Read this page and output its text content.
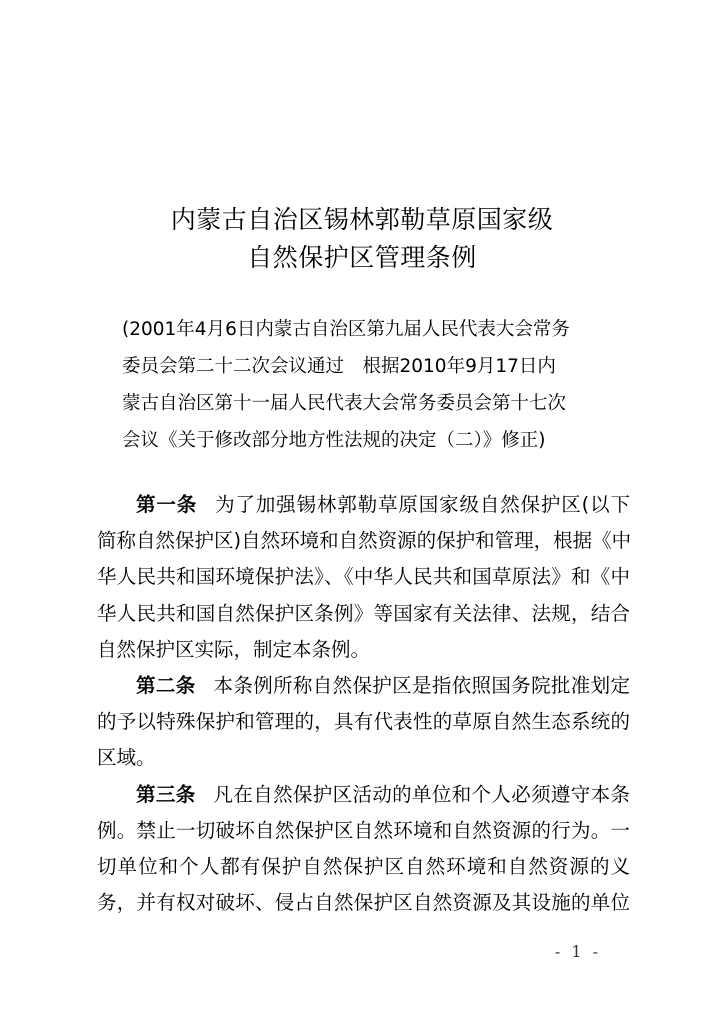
内蒙古自治区锡林郭勒草原国家级
自然保护区管理条例
(2001年4月6日内蒙古自治区第九届人民代表大会常务
委员会第二十二次会议通过　根据2010年9月17日内
蒙古自治区第十一届人民代表大会常务委员会第十七次
会议《关于修改部分地方性法规的决定（二）》修正)
第一条 为了加强锡林郭勒草原国家级自然保护区(以下
简称自然保护区)自然环境和自然资源的保护和管理，根据《中
华人民共和国环境保护法》、《中华人民共和国草原法》和《中
华人民共和国自然保护区条例》等国家有关法律、法规，结合
自然保护区实际，制定本条例。
第二条 本条例所称自然保护区是指依照国务院批准划定
的予以特殊保护和管理的，具有代表性的草原自然生态系统的
区域。
第三条 凡在自然保护区活动的单位和个人必须遵守本条
例。禁止一切破坏自然保护区自然环境和自然资源的行为。一
切单位和个人都有保护自然保护区自然环境和自然资源的义
务，并有权对破坏、侵占自然保护区自然资源及其设施的单位
- 1 -
